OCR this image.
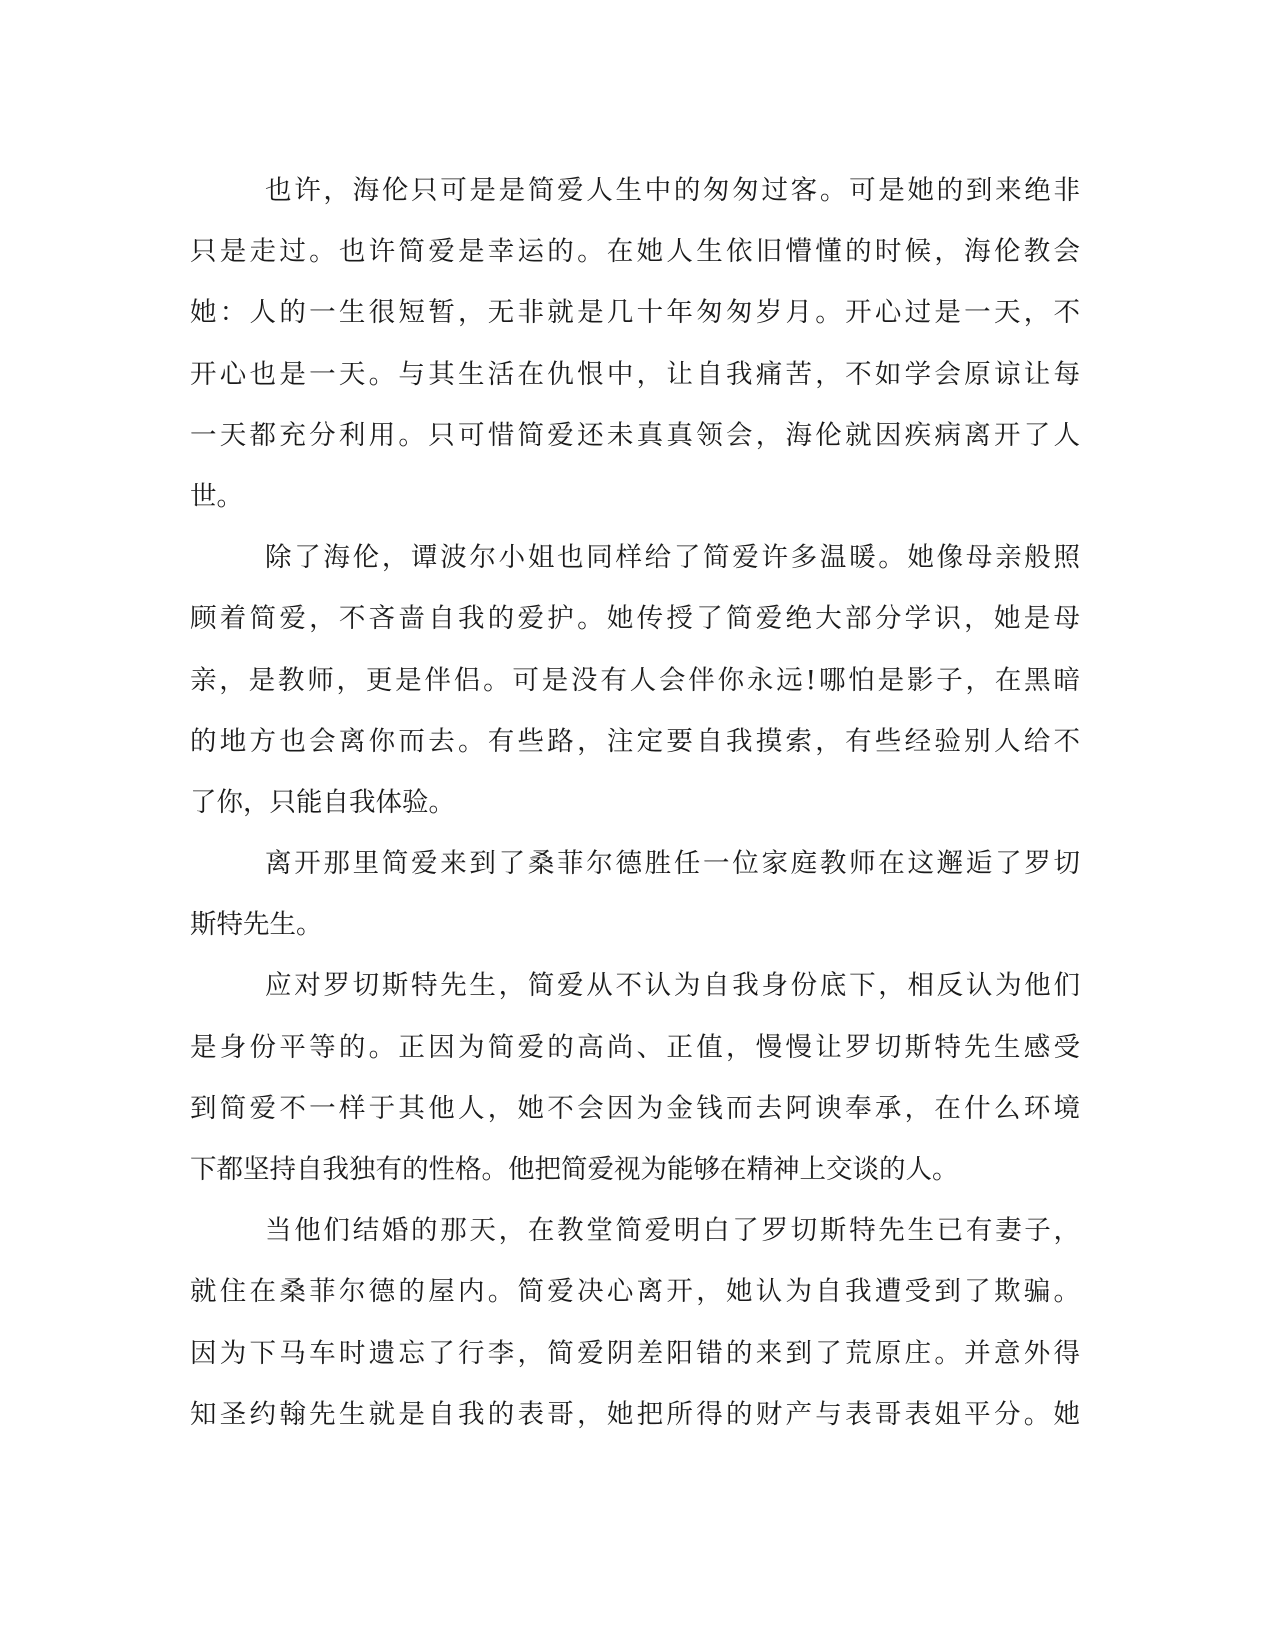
也许，海伦只可是是简爱人生中的匆匆过客。可是她的到来绝非
只是走过。也许简爱是幸运的。在她人生依旧懵懂的时候，海伦教会
她：人的一生很短暂，无非就是几十年匆匆岁月。开心过是一天，不
开心也是一天。与其生活在仇恨中，让自我痛苦，不如学会原谅让每
一天都充分利用。只可惜简爱还未真真领会，海伦就因疾病离开了人
世。
除了海伦，谭波尔小姐也同样给了简爱许多温暖。她像母亲般照
顾着简爱，不吝啬自我的爱护。她传授了简爱绝大部分学识，她是母
亲，是教师，更是伴侣。可是没有人会伴你永远!哪怕是影子，在黑暗
的地方也会离你而去。有些路，注定要自我摸索，有些经验别人给不
了你，只能自我体验。
离开那里简爱来到了桑菲尔德胜任一位家庭教师在这邂逅了罗切
斯特先生。
应对罗切斯特先生，简爱从不认为自我身份底下，相反认为他们
是身份平等的。正因为简爱的高尚、正值，慢慢让罗切斯特先生感受
到简爱不一样于其他人，她不会因为金钱而去阿谀奉承，在什么环境
下都坚持自我独有的性格。他把简爱视为能够在精神上交谈的人。
当他们结婚的那天，在教堂简爱明白了罗切斯特先生已有妻子，
就住在桑菲尔德的屋内。简爱决心离开，她认为自我遭受到了欺骗。
因为下马车时遗忘了行李，简爱阴差阳错的来到了荒原庄。并意外得
知圣约翰先生就是自我的表哥，她把所得的财产与表哥表姐平分。她
